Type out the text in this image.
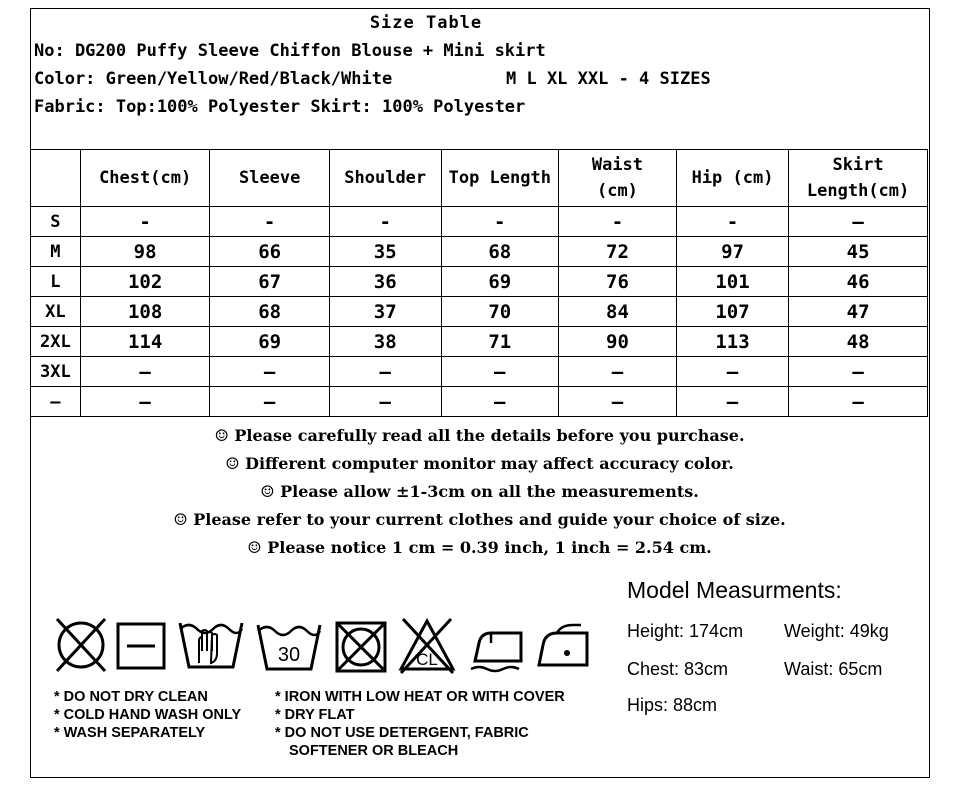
Size Table
No: DG200 Puffy Sleeve Chiffon Blouse + Mini skirt
Color: Green/Yellow/Red/Black/White	M L XL XXL - 4 SIZES
Fabric: Top:100% Polyester Skirt: 100% Polyester
	Chest(cm)	Sleeve	Shoulder	Top Length	Waist (cm)	Hip (cm)	Skirt Length(cm)
S	-	-	-	-	-	-	—
M	98	66	35	68	72	97	45
L	102	67	36	69	76	101	46
XL	108	68	37	70	84	107	47
2XL	114	69	38	71	90	113	48
3XL	—	—	—	—	—	—	—
—	—	—	—	—	—	—	—
☺ Please carefully read all the details before you purchase.
☺ Different computer monitor may affect accuracy color.
☺ Please allow ±1-3cm on all the measurements.
☺ Please refer to your current clothes and guide your choice of size.
☺ Please notice 1 cm = 0.39 inch, 1 inch = 2.54 cm.
30	CL
* DO NOT DRY CLEAN
* COLD HAND WASH ONLY
* WASH SEPARATELY
* IRON WITH LOW HEAT OR WITH COVER
* DRY FLAT
* DO NOT USE DETERGENT, FABRIC
SOFTENER OR BLEACH
Model Measurments:
Height: 174cm Weight: 49kg
Chest: 83cm	Waist: 65cm
Hips: 88cm
